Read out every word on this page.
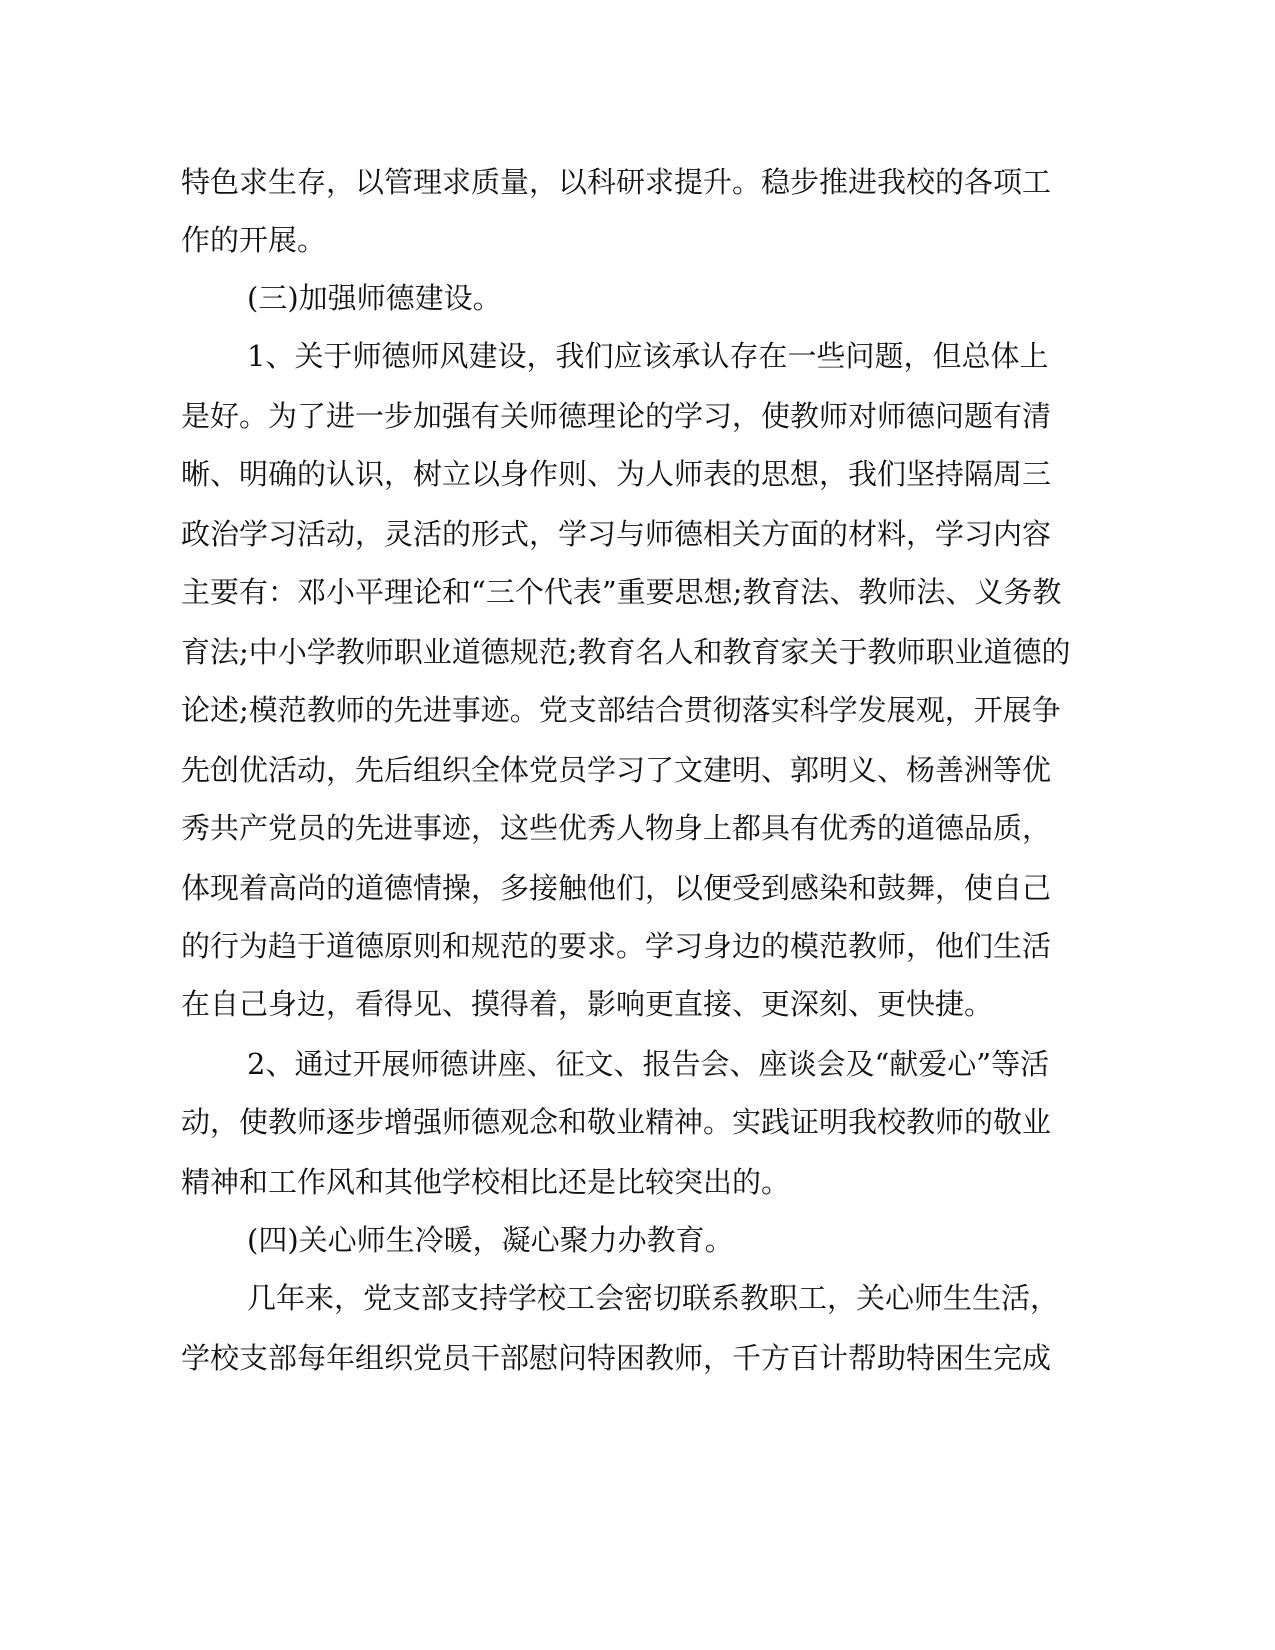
特色求生存，以管理求质量，以科研求提升。稳步推进我校的各项工
作的开展。
(三)加强师德建设。
1、关于师德师风建设，我们应该承认存在一些问题，但总体上
是好。为了进一步加强有关师德理论的学习，使教师对师德问题有清
晰、明确的认识，树立以身作则、为人师表的思想，我们坚持隔周三
政治学习活动，灵活的形式，学习与师德相关方面的材料，学习内容
主要有：邓小平理论和“三个代表”重要思想;教育法、教师法、义务教
育法;中小学教师职业道德规范;教育名人和教育家关于教师职业道德的
论述;模范教师的先进事迹。党支部结合贯彻落实科学发展观，开展争
先创优活动，先后组织全体党员学习了文建明、郭明义、杨善洲等优
秀共产党员的先进事迹，这些优秀人物身上都具有优秀的道德品质，
体现着高尚的道德情操，多接触他们，以便受到感染和鼓舞，使自己
的行为趋于道德原则和规范的要求。学习身边的模范教师，他们生活
在自己身边，看得见、摸得着，影响更直接、更深刻、更快捷。
2、通过开展师德讲座、征文、报告会、座谈会及“献爱心”等活
动，使教师逐步增强师德观念和敬业精神。实践证明我校教师的敬业
精神和工作风和其他学校相比还是比较突出的。
(四)关心师生冷暖，凝心聚力办教育。
几年来，党支部支持学校工会密切联系教职工，关心师生生活，
学校支部每年组织党员干部慰问特困教师，千方百计帮助特困生完成
